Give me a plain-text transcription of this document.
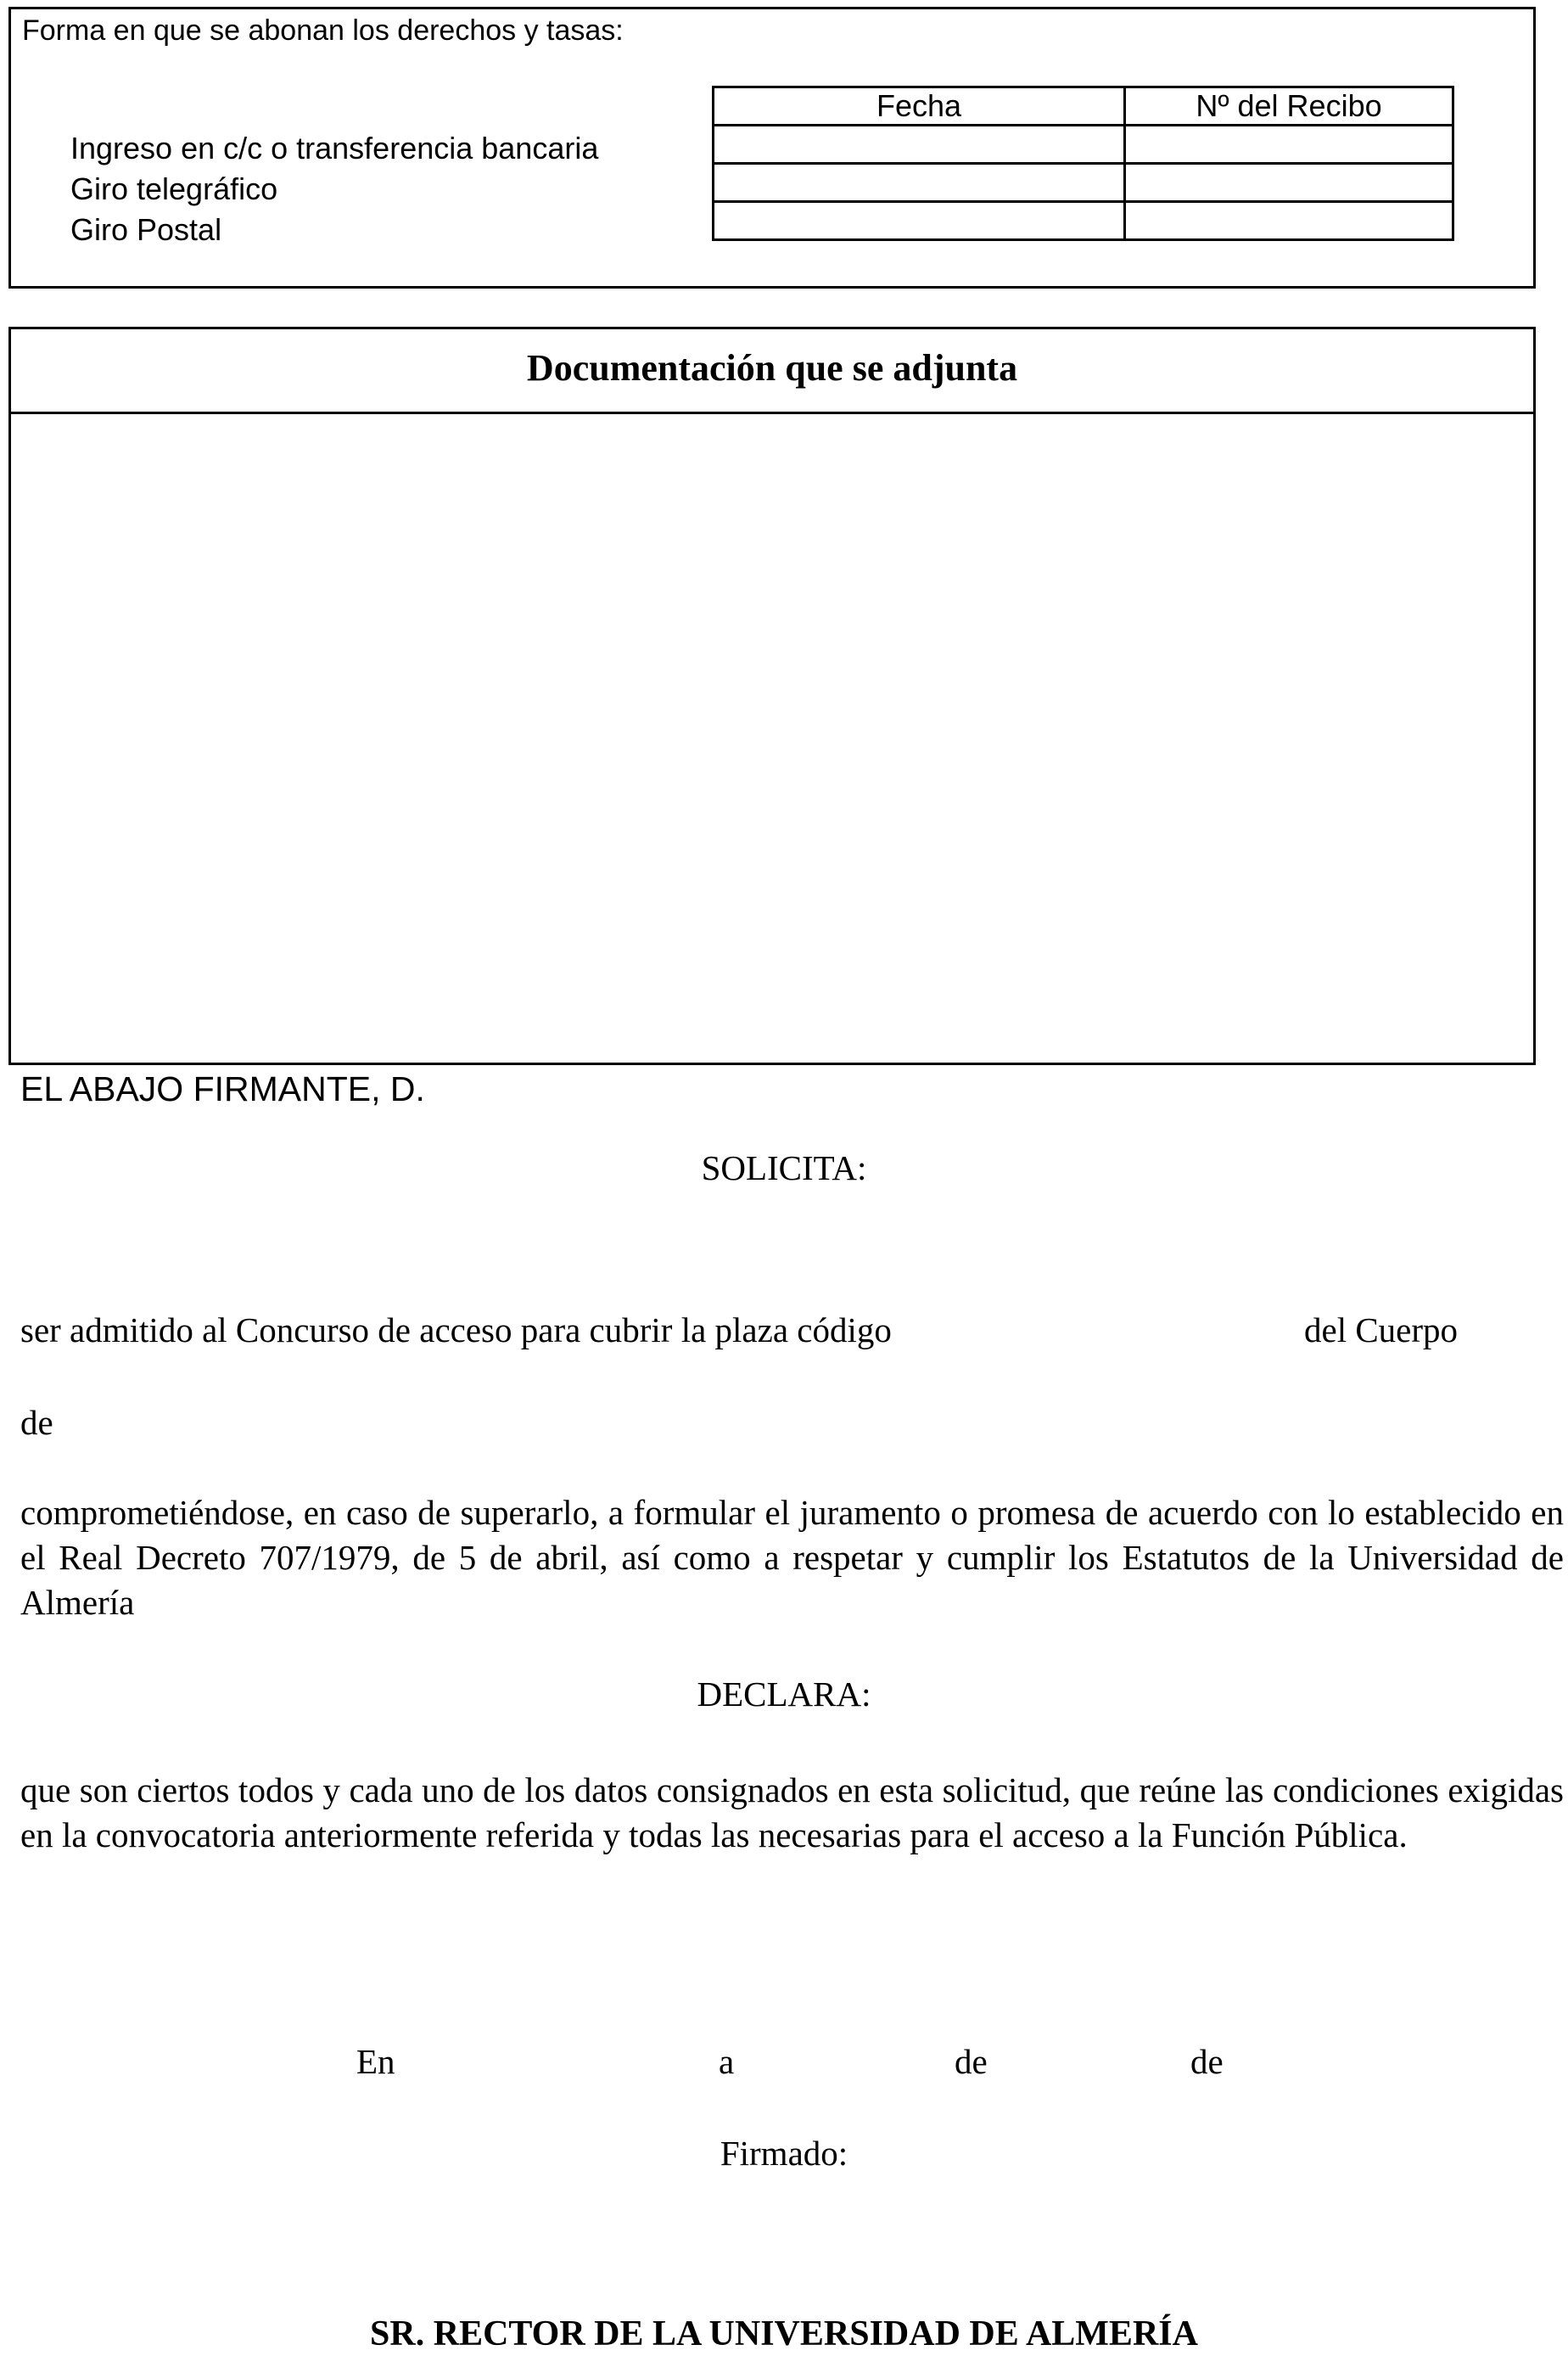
Forma en que se abonan los derechos y tasas:
Ingreso en c/c o transferencia bancaria
Giro telegráfico
Giro Postal
Fecha	Nº del Recibo

Documentación que se adjunta
EL ABAJO FIRMANTE, D.
SOLICITA:
ser admitido al Concurso de acceso para cubrir la plaza código	del Cuerpo
de
comprometiéndose, en caso de superarlo, a formular el juramento o promesa de acuerdo con lo establecido en el Real Decreto 707/1979, de 5 de abril, así como a respetar y cumplir los Estatutos de la Universidad de Almería
DECLARA:
que son ciertos todos y cada uno de los datos consignados en esta solicitud, que reúne las condiciones exigidas en la convocatoria anteriormente referida y todas las necesarias para el acceso a la Función Pública.
En	a	de	de
Firmado:
SR. RECTOR DE LA UNIVERSIDAD DE ALMERÍA
